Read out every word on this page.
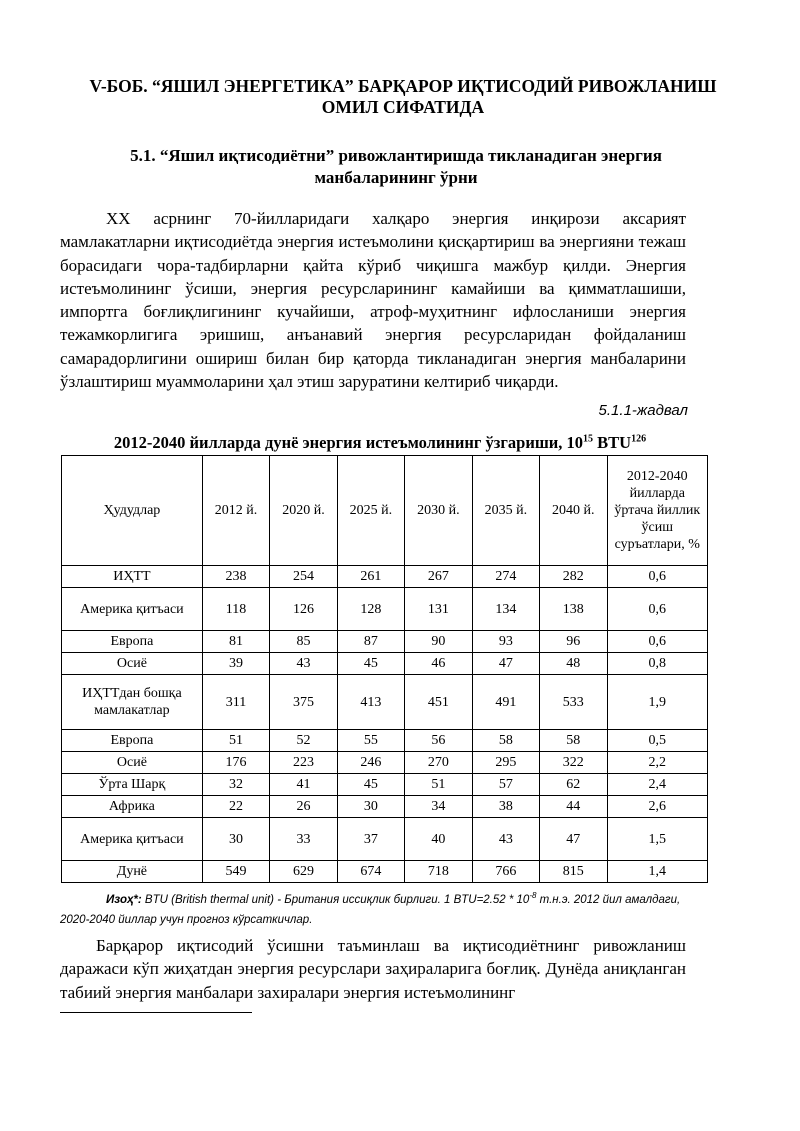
V-БОБ. “ЯШИЛ ЭНЕРГЕТИКА” БАРҚАРОР ИҚТИСОДИЙ РИВОЖЛАНИШ ОМИЛ СИФАТИДА
5.1. “Яшил иқтисодиётни” ривожлантиришда тикланадиган энергия манбаларининг ўрни

XX асрнинг 70-йилларидаги халқаро энергия инқирози аксарият мамлакатларни иқтисодиётда энергия истеъмолини қисқартириш ва энергияни тежаш борасидаги чора-тадбирларни қайта кўриб чиқишга мажбур қилди. Энергия истеъмолининг ўсиши, энергия ресурсларининг камайиши ва қимматлашиши, импортга боғлиқлигининг кучайиши, атроф-муҳитнинг ифлосланиши энергия тежамкорлигига эришиш, анъанавий энергия ресурсларидан фойдаланиш самарадорлигини ошириш билан бир қаторда тикланадиган энергия манбаларини ўзлаштириш муаммоларини ҳал этиш заруратини келтириб чиқарди.

5.1.1-жадвал
2012-2040 йилларда дунё энергия истеъмолининг ўзгариши, $10^{15}$ BTU$^{126}$
Ҳудудлар	2012 й.	2020 й.	2025 й.	2030 й.	2035 й.	2040 й.	2012-2040 йилларда ўртача йиллик ўсиш суръатлари, %
ИҲТТ	238	254	261	267	274	282	0,6
Америка қитъаси	118	126	128	131	134	138	0,6
Европа	81	85	87	90	93	96	0,6
Осиё	39	43	45	46	47	48	0,8
ИҲТТдан бошқа мамлакатлар	311	375	413	451	491	533	1,9
Европа	51	52	55	56	58	58	0,5
Осиё	176	223	246	270	295	322	2,2
Ўрта Шарқ	32	41	45	51	57	62	2,4
Африка	22	26	30	34	38	44	2,6
Америка қитъаси	30	33	37	40	43	47	1,5
Дунё	549	629	674	718	766	815	1,4

Изоҳ*: BTU (British thermal unit) - Британия иссиқлик бирлиги. 1 $BTU=2.52 * 10^{-8}$ т.н.э. 2012 йил амалдаги, 2020-2040 йиллар учун прогноз кўрсаткичлар.

Барқарор иқтисодий ўсишни таъминлаш ва иқтисодиётнинг ривожланиш даражаси кўп жиҳатдан энергия ресурслари заҳираларига боғлиқ. Дунёда аниқланган табиий энергия манбалари захиралари энергия истеъмолининг
